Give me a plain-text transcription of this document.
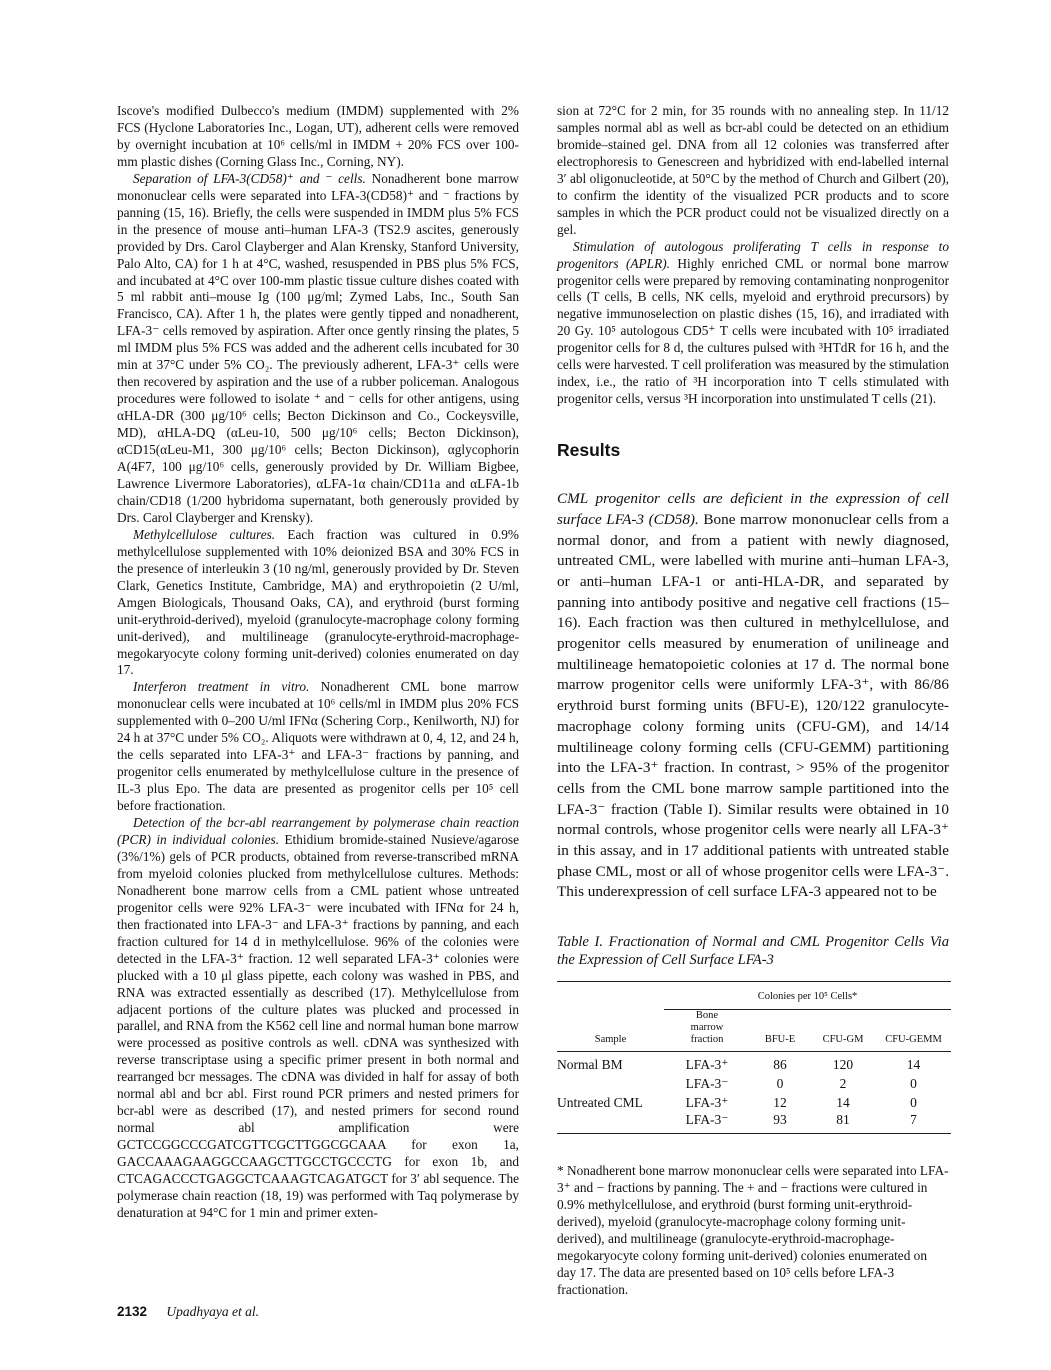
Iscove's modified Dulbecco's medium (IMDM) supplemented with 2% FCS (Hyclone Laboratories Inc., Logan, UT), adherent cells were removed by overnight incubation at 10⁶ cells/ml in IMDM + 20% FCS over 100-mm plastic dishes (Corning Glass Inc., Corning, NY).

Separation of LFA-3(CD58)⁺ and ⁻ cells. Nonadherent bone marrow mononuclear cells were separated into LFA-3(CD58)⁺ and ⁻ fractions by panning (15, 16). Briefly, the cells were suspended in IMDM plus 5% FCS in the presence of mouse anti–human LFA-3 (TS2.9 ascites, generously provided by Drs. Carol Clayberger and Alan Krensky, Stanford University, Palo Alto, CA) for 1 h at 4°C, washed, resuspended in PBS plus 5% FCS, and incubated at 4°C over 100-mm plastic tissue culture dishes coated with 5 ml rabbit anti–mouse Ig (100 μg/ml; Zymed Labs, Inc., South San Francisco, CA). After 1 h, the plates were gently tipped and nonadherent, LFA-3⁻ cells removed by aspiration. After once gently rinsing the plates, 5 ml IMDM plus 5% FCS was added and the adherent cells incubated for 30 min at 37°C under 5% CO₂. The previously adherent, LFA-3⁺ cells were then recovered by aspiration and the use of a rubber policeman. Analogous procedures were followed to isolate ⁺ and ⁻ cells for other antigens, using αHLA-DR (300 μg/10⁶ cells; Becton Dickinson and Co., Cockeysville, MD), αHLA-DQ (αLeu-10, 500 μg/10⁶ cells; Becton Dickinson), αCD15(αLeu-M1, 300 μg/10⁶ cells; Becton Dickinson), αglycophorin A(4F7, 100 μg/10⁶ cells, generously provided by Dr. William Bigbee, Lawrence Livermore Laboratories), αLFA-1α chain/CD11a and αLFA-1b chain/CD18 (1/200 hybridoma supernatant, both generously provided by Drs. Carol Clayberger and Krensky).

Methylcellulose cultures. Each fraction was cultured in 0.9% methylcellulose supplemented with 10% deionized BSA and 30% FCS in the presence of interleukin 3 (10 ng/ml, generously provided by Dr. Steven Clark, Genetics Institute, Cambridge, MA) and erythropoietin (2 U/ml, Amgen Biologicals, Thousand Oaks, CA), and erythroid (burst forming unit-erythroid-derived), myeloid (granulocyte-macrophage colony forming unit-derived), and multilineage (granulocyte-erythroid-macrophage-megokaryocyte colony forming unit-derived) colonies enumerated on day 17.

Interferon treatment in vitro. Nonadherent CML bone marrow mononuclear cells were incubated at 10⁶ cells/ml in IMDM plus 20% FCS supplemented with 0–200 U/ml IFNα (Schering Corp., Kenilworth, NJ) for 24 h at 37°C under 5% CO₂. Aliquots were withdrawn at 0, 4, 12, and 24 h, the cells separated into LFA-3⁺ and LFA-3⁻ fractions by panning, and progenitor cells enumerated by methylcellulose culture in the presence of IL-3 plus Epo. The data are presented as progenitor cells per 10⁵ cell before fractionation.

Detection of the bcr-abl rearrangement by polymerase chain reaction (PCR) in individual colonies. Ethidium bromide-stained Nusieve/agarose (3%/1%) gels of PCR products, obtained from reverse-transcribed mRNA from myeloid colonies plucked from methylcellulose cultures. Methods: Nonadherent bone marrow cells from a CML patient whose untreated progenitor cells were 92% LFA-3⁻ were incubated with IFNα for 24 h, then fractionated into LFA-3⁻ and LFA-3⁺ fractions by panning, and each fraction cultured for 14 d in methylcellulose. 96% of the colonies were detected in the LFA-3⁺ fraction. 12 well separated LFA-3⁺ colonies were plucked with a 10 μl glass pipette, each colony was washed in PBS, and RNA was extracted essentially as described (17). Methylcellulose from adjacent portions of the culture plates was plucked and processed in parallel, and RNA from the K562 cell line and normal human bone marrow were processed as positive controls as well. cDNA was synthesized with reverse transcriptase using a specific primer present in both normal and rearranged bcr messages. The cDNA was divided in half for assay of both normal abl and bcr abl. First round PCR primers and nested primers for bcr-abl were as described (17), and nested primers for second round normal abl amplification were GCTCCGGCCCGATCGTTCGCTTGGCGCAAA for exon 1a, GACCAAAGAAGGCCAAGCTTGCCTGCCCTG for exon 1b, and CTCAGACCCTGAGGCTCAAAGTCAGATGCT for 3′ abl sequence. The polymerase chain reaction (18, 19) was performed with Taq polymerase by denaturation at 94°C for 1 min and primer exten-

sion at 72°C for 2 min, for 35 rounds with no annealing step. In 11/12 samples normal abl as well as bcr-abl could be detected on an ethidium bromide–stained gel. DNA from all 12 colonies was transferred after electrophoresis to Genescreen and hybridized with end-labelled internal 3′ abl oligonucleotide, at 50°C by the method of Church and Gilbert (20), to confirm the identity of the visualized PCR products and to score samples in which the PCR product could not be visualized directly on a gel.

Stimulation of autologous proliferating T cells in response to progenitors (APLR). Highly enriched CML or normal bone marrow progenitor cells were prepared by removing contaminating nonprogenitor cells (T cells, B cells, NK cells, myeloid and erythroid precursors) by negative immunoselection on plastic dishes (15, 16), and irradiated with 20 Gy. 10⁵ autologous CD5⁺ T cells were incubated with 10⁵ irradiated progenitor cells for 8 d, the cultures pulsed with ³HTdR for 16 h, and the cells were harvested. T cell proliferation was measured by the stimulation index, i.e., the ratio of ³H incorporation into T cells stimulated with progenitor cells, versus ³H incorporation into unstimulated T cells (21).

Results

CML progenitor cells are deficient in the expression of cell surface LFA-3 (CD58). Bone marrow mononuclear cells from a normal donor, and from a patient with newly diagnosed, untreated CML, were labelled with murine anti–human LFA-3, or anti–human LFA-1 or anti-HLA-DR, and separated by panning into antibody positive and negative cell fractions (15–16). Each fraction was then cultured in methylcellulose, and progenitor cells measured by enumeration of unilineage and multilineage hematopoietic colonies at 17 d. The normal bone marrow progenitor cells were uniformly LFA-3⁺, with 86/86 erythroid burst forming units (BFU-E), 120/122 granulocyte-macrophage colony forming units (CFU-GM), and 14/14 multilineage colony forming cells (CFU-GEMM) partitioning into the LFA-3⁺ fraction. In contrast, > 95% of the progenitor cells from the CML bone marrow sample partitioned into the LFA-3⁻ fraction (Table I). Similar results were obtained in 10 normal controls, whose progenitor cells were nearly all LFA-3⁺ in this assay, and in 17 additional patients with untreated stable phase CML, most or all of whose progenitor cells were LFA-3⁻. This underexpression of cell surface LFA-3 appeared not to be

Table I. Fractionation of Normal and CML Progenitor Cells Via the Expression of Cell Surface LFA-3
	Colonies per 10⁵ Cells*			
Sample	Bone marrow fraction	BFU-E	CFU-GM	CFU-GEMM
Normal BM	LFA-3⁺	86	120	14
	LFA-3⁻	0	2	0
Untreated CML	LFA-3⁺	12	14	0
	LFA-3⁻	93	81	7
* Nonadherent bone marrow mononuclear cells were separated into LFA-3⁺ and − fractions by panning. The + and − fractions were cultured in 0.9% methylcellulose, and erythroid (burst forming unit-erythroid-derived), myeloid (granulocyte-macrophage colony forming unit-derived), and multilineage (granulocyte-erythroid-macrophage-megokaryocyte colony forming unit-derived) colonies enumerated on day 17. The data are presented based on 10⁵ cells before LFA-3 fractionation.
2132 Upadhyaya et al.
